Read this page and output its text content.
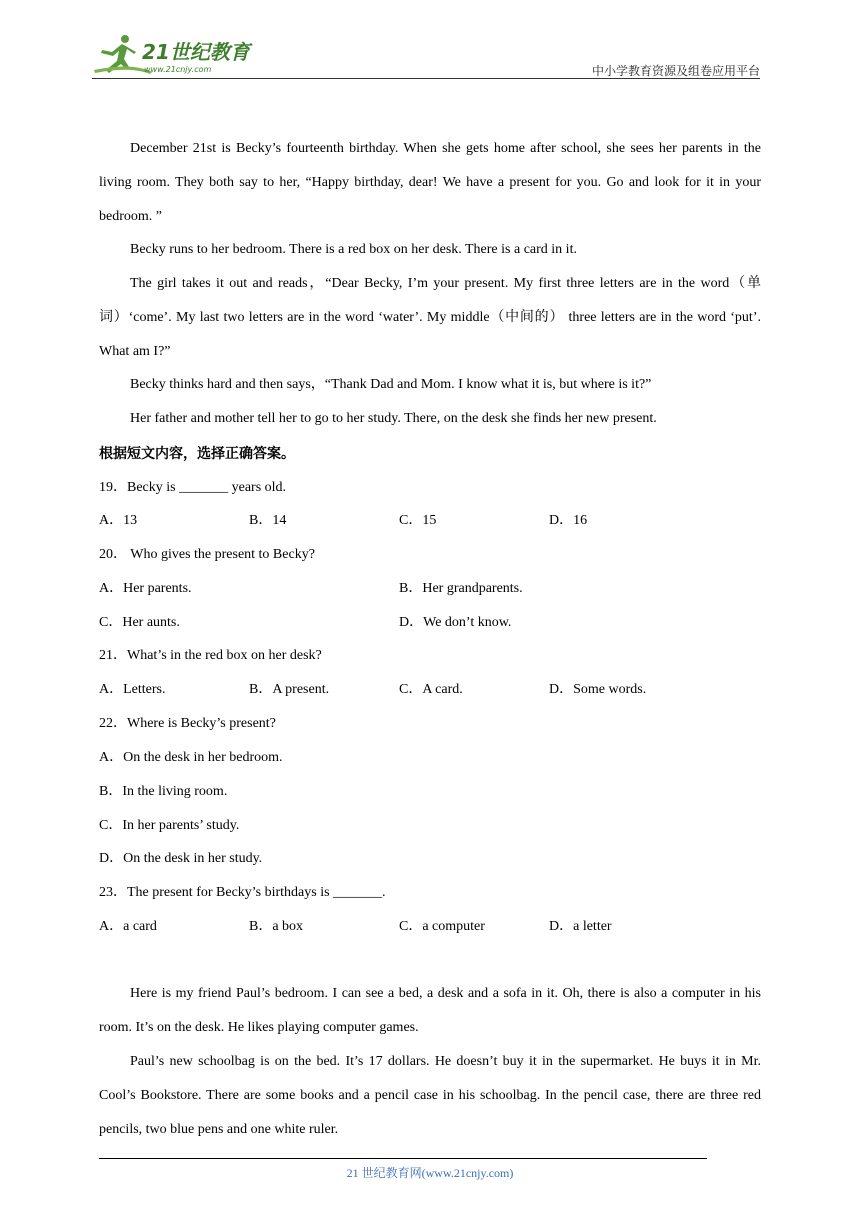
21世纪教育
www.21cnjy.com	中小学教育资源及组卷应用平台

December 21st is Becky’s fourteenth birthday. When she gets home after school, she sees her parents in the living room. They both say to her, “Happy birthday, dear! We have a present for you. Go and look for it in your bedroom. ”

Becky runs to her bedroom. There is a red box on her desk. There is a card in it.

The girl takes it out and reads，“Dear Becky, I’m your present. My first three letters are in the word（单词）‘come’. My last two letters are in the word ‘water’. My middle（中间的） three letters are in the word ‘put’. What am I?”

Becky thinks hard and then says，“Thank Dad and Mom. I know what it is, but where is it?”

Her father and mother tell her to go to her study. There, on the desk she finds her new present.

根据短文内容，选择正确答案。
19．Becky is _______ years old.
A．13	B．14	C．15	D．16
20． Who gives the present to Becky?
A．Her parents.	B．Her grandparents.
C．Her aunts.	D．We don’t know.
21．What’s in the red box on her desk?
A．Letters.	B．A present.	C．A card.	D．Some words.
22．Where is Becky’s present?
A．On the desk in her bedroom.
B．In the living room.
C．In her parents’ study.
D．On the desk in her study.
23．The present for Becky’s birthdays is _______.
A．a card	B．a box	C．a computer	D．a letter

Here is my friend Paul’s bedroom. I can see a bed, a desk and a sofa in it. Oh, there is also a computer in his room. It’s on the desk. He likes playing computer games.

Paul’s new schoolbag is on the bed. It’s 17 dollars. He doesn’t buy it in the supermarket. He buys it in Mr. Cool’s Bookstore. There are some books and a pencil case in his schoolbag. In the pencil case, there are three red pencils, two blue pens and one white ruler.

21 世纪教育网(www.21cnjy.com)
